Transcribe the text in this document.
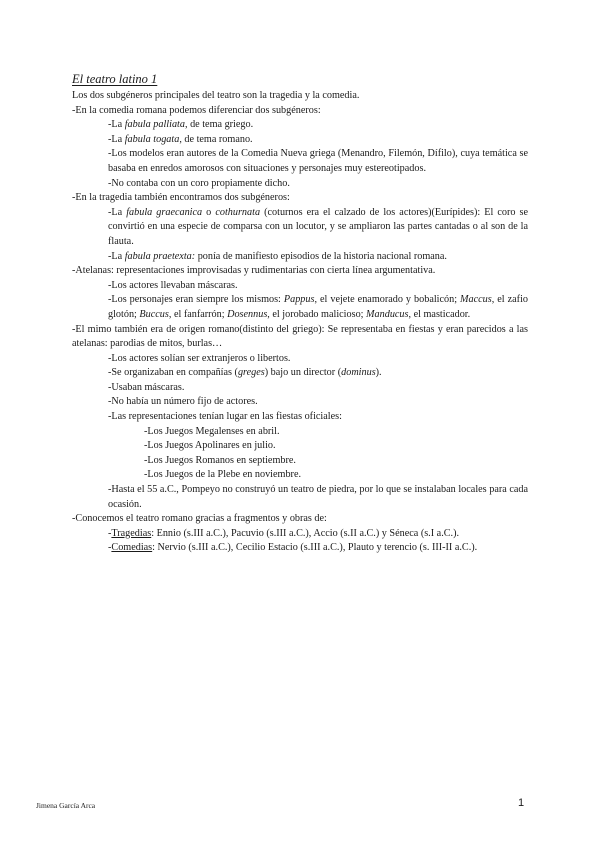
El teatro latino 1

Los dos subgéneros principales del teatro son la tragedia y la comedia.

-En la comedia romana podemos diferenciar dos subgéneros:

-La fabula palliata, de tema griego.

-La fabula togata, de tema romano.

-Los modelos eran autores de la Comedia Nueva griega (Menandro, Filemón, Dífilo), cuya temática se basaba en enredos amorosos con situaciones y personajes muy estereotipados.

-No contaba con un coro propiamente dicho.

-En la tragedia también encontramos dos subgéneros:

-La fabula graecanica o cothurnata (coturnos era el calzado de los actores)(Eurípides): El coro se convirtió en una especie de comparsa con un locutor, y se ampliaron las partes cantadas o al son de la flauta.

-La fabula praetexta: ponía de manifiesto episodios de la historia nacional romana.

-Atelanas: representaciones improvisadas y rudimentarias con cierta línea argumentativa.

-Los actores llevaban máscaras.

-Los personajes eran siempre los mismos: Pappus, el vejete enamorado y bobalicón; Maccus, el zafio glotón; Buccus, el fanfarrón; Dosennus, el jorobado malicioso; Manducus, el masticador.

-El mimo también era de origen romano(distinto del griego): Se representaba en fiestas y eran parecidos a las atelanas: parodias de mitos, burlas…

-Los actores solían ser extranjeros o libertos.

-Se organizaban en compañías (greges) bajo un director (dominus).

-Usaban máscaras.

-No había un número fijo de actores.

-Las representaciones tenían lugar en las fiestas oficiales:

-Los Juegos Megalenses en abril.

-Los Juegos Apolinares en julio.

-Los Juegos Romanos en septiembre.

-Los Juegos de la Plebe en noviembre.

-Hasta el 55 a.C., Pompeyo no construyó un teatro de piedra, por lo que se instalaban locales para cada ocasión.

-Conocemos el teatro romano gracias a fragmentos y obras de:

-Tragedias: Ennio (s.III a.C.), Pacuvio (s.III a.C.), Accio (s.II a.C.) y Séneca (s.I a.C.).

-Comedias: Nervio (s.III a.C.), Cecilio Estacio (s.III a.C.), Plauto y terencio (s. III-II a.C.).

Jimena García Arca	1
